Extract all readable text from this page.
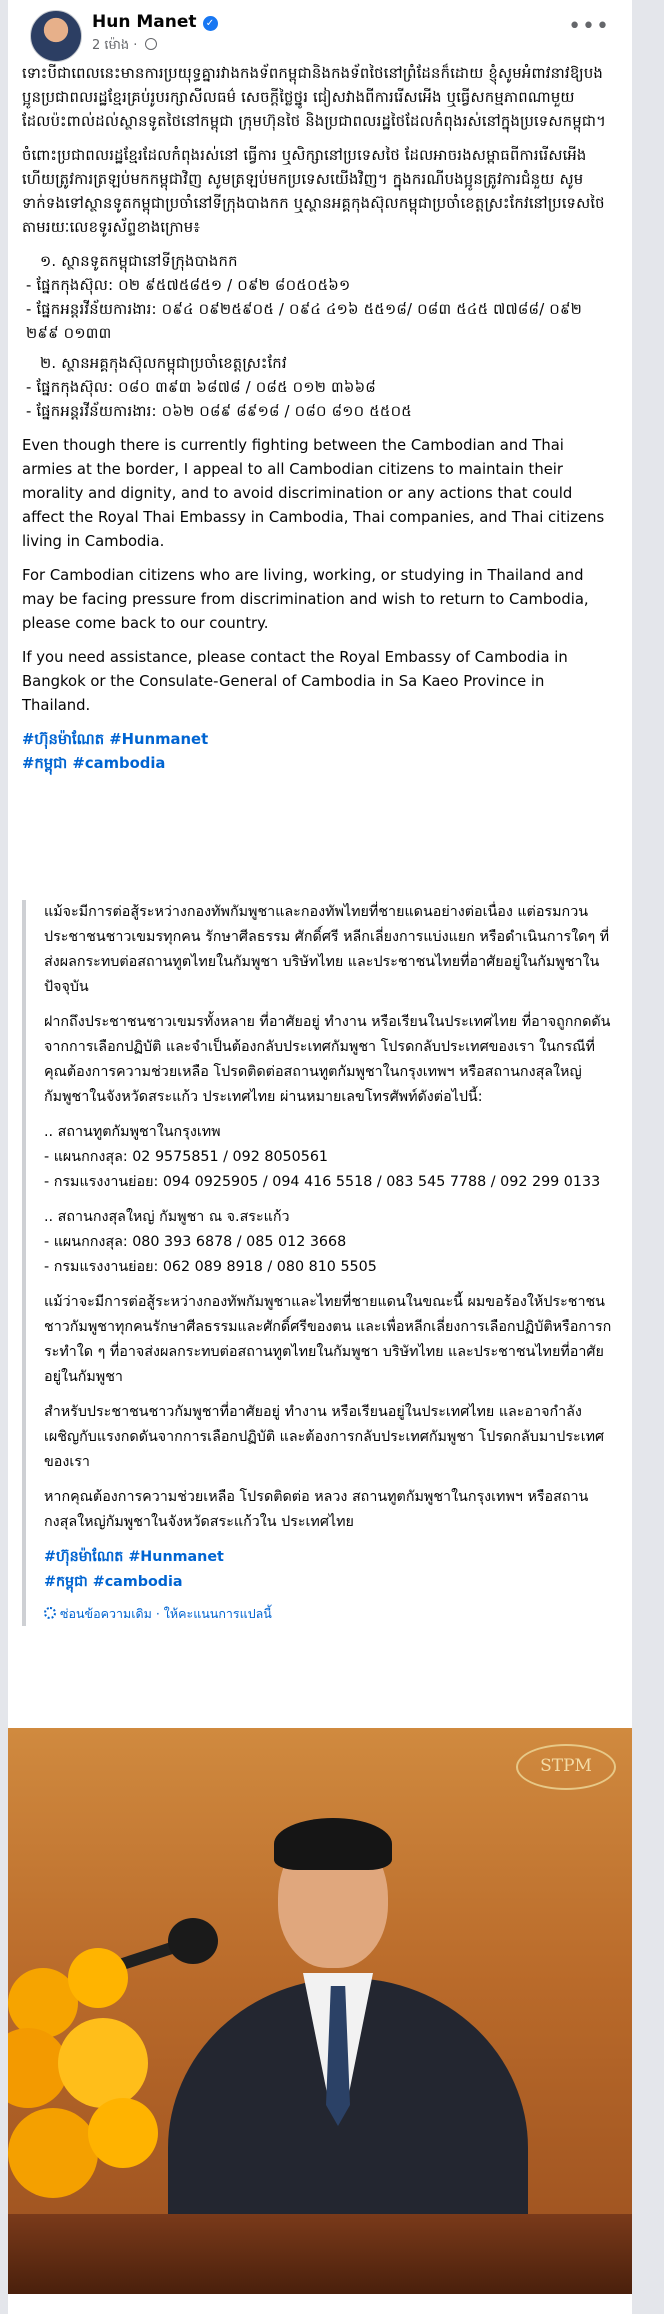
Hun Manet ✓
2 ម៉ោង ·
•••

ទោះបីជាពេលនេះមានការប្រយុទ្ធគ្នារវាងកងទ័ពកម្ពុជានិងកងទ័ពថៃនៅព្រំដែនក៏ដោយ ខ្ញុំសូមអំពាវនាវឱ្យបងប្អូនប្រជាពលរដ្ឋខ្មែរគ្រប់រូបរក្សាសីលធម៌ សេចក្តីថ្លៃថ្នូរ ជៀសវាងពីការរើសអើង ឬធ្វើសកម្មភាពណាមួយដែលប៉ះពាល់ដល់ស្ថានទូតថៃនៅកម្ពុជា ក្រុមហ៊ុនថៃ និងប្រជាពលរដ្ឋថៃដែលកំពុងរស់នៅក្នុងប្រទេសកម្ពុជា។

ចំពោះប្រជាពលរដ្ឋខ្មែរដែលកំពុងរស់នៅ ធ្វើការ ឬសិក្សានៅប្រទេសថៃ ដែលអាចរងសម្ពាធពីការរើសអើង ហើយត្រូវការត្រឡប់មកកម្ពុជាវិញ សូមត្រឡប់មកប្រទេសយើងវិញ។ ក្នុងករណីបងប្អូនត្រូវការជំនួយ សូមទាក់ទងទៅស្ថានទូតកម្ពុជាប្រចាំនៅទីក្រុងបាងកក ឬស្ថានអគ្គកុងស៊ុលកម្ពុជាប្រចាំខេត្តស្រះកែវនៅប្រទេសថៃ តាមរយៈលេខទូរស័ព្ទខាងក្រោម៖

១. ស្ថានទូតកម្ពុជានៅទីក្រុងបាងកក
- ផ្នែកកុងស៊ុល: ០២ ៩៥៧៥៨៥១ / ០៩២ ៨០៥០៥៦១
- ផ្នែកអន្តរវីន័យការងារ: ០៩៤ ០៩២៥៩០៥ / ០៩៤ ៤១៦ ៥៥១៨/ ០៨៣ ៥៤៥ ៧៧៨៨/ ០៩២ ២៩៩ ០១៣៣
២. ស្ថានអគ្គកុងស៊ុលកម្ពុជាប្រចាំខេត្តស្រះកែវ
- ផ្នែកកុងស៊ុល: ០៨០ ៣៩៣ ៦៨៧៨ / ០៨៥ ០១២ ៣៦៦៨
- ផ្នែកអន្តរវីន័យការងារ: ០៦២ ០៨៩ ៨៩១៨ / ០៨០ ៨១០ ៥៥០៥

Even though there is currently fighting between the Cambodian and Thai armies at the border, I appeal to all Cambodian citizens to maintain their morality and dignity, and to avoid discrimination or any actions that could affect the Royal Thai Embassy in Cambodia, Thai companies, and Thai citizens living in Cambodia.

For Cambodian citizens who are living, working, or studying in Thailand and may be facing pressure from discrimination and wish to return to Cambodia, please come back to our country.

If you need assistance, please contact the Royal Embassy of Cambodia in Bangkok or the Consulate-General of Cambodia in Sa Kaeo Province in Thailand.

#ហ៊ុនម៉ាណែត #Hunmanet
#កម្ពុជា #cambodia

แม้จะมีการต่อสู้ระหว่างกองทัพกัมพูชาและกองทัพไทยที่ชายแดนอย่างต่อเนื่อง แต่อรมกวนประชาชนชาวเขมรทุกคน รักษาศีลธรรม ศักดิ์ศรี หลีกเลี่ยงการแบ่งแยก หรือดำเนินการใดๆ ที่ส่งผลกระทบต่อสถานทูตไทยในกัมพูชา บริษัทไทย และประชาชนไทยที่อาศัยอยู่ในกัมพูชาในปัจจุบัน

ฝากถึงประชาชนชาวเขมรทั้งหลาย ที่อาศัยอยู่ ทำงาน หรือเรียนในประเทศไทย ที่อาจถูกกดดันจากการเลือกปฏิบัติ และจำเป็นต้องกลับประเทศกัมพูชา โปรดกลับประเทศของเรา ในกรณีที่คุณต้องการความช่วยเหลือ โปรดติดต่อสถานทูตกัมพูชาในกรุงเทพฯ หรือสถานกงสุลใหญ่กัมพูชาในจังหวัดสระแก้ว ประเทศไทย ผ่านหมายเลขโทรศัพท์ดังต่อไปนี้:

.. สถานทูตกัมพูชาในกรุงเทพ
- แผนกกงสุล: 02 9575851 / 092 8050561
- กรมแรงงานย่อย: 094 0925905 / 094 416 5518 / 083 545 7788 / 092 299 0133
.. สถานกงสุลใหญ่ กัมพูชา ณ จ.สระแก้ว
- แผนกกงสุล: 080 393 6878 / 085 012 3668
- กรมแรงงานย่อย: 062 089 8918 / 080 810 5505

แม้ว่าจะมีการต่อสู้ระหว่างกองทัพกัมพูชาและไทยที่ชายแดนในขณะนี้ ผมขอร้องให้ประชาชนชาวกัมพูชาทุกคนรักษาศีลธรรมและศักดิ์ศรีของตน และเพื่อหลีกเลี่ยงการเลือกปฏิบัติหรือการกระทำใด ๆ ที่อาจส่งผลกระทบต่อสถานทูตไทยในกัมพูชา บริษัทไทย และประชาชนไทยที่อาศัยอยู่ในกัมพูชา

สำหรับประชาชนชาวกัมพูชาที่อาศัยอยู่ ทำงาน หรือเรียนอยู่ในประเทศไทย และอาจกำลังเผชิญกับแรงกดดันจากการเลือกปฏิบัติ และต้องการกลับประเทศกัมพูชา โปรดกลับมาประเทศของเรา

หากคุณต้องการความช่วยเหลือ โปรดติดต่อ หลวง สถานทูตกัมพูชาในกรุงเทพฯ หรือสถานกงสุลใหญ่กัมพูชาในจังหวัดสระแก้วใน ประเทศไทย

#ហ៊ុនម៉ាណែត #Hunmanet
#កម្ពុជា #cambodia
ซ่อนข้อความเดิม · ให้คะแนนการแปลนี้
STPM
